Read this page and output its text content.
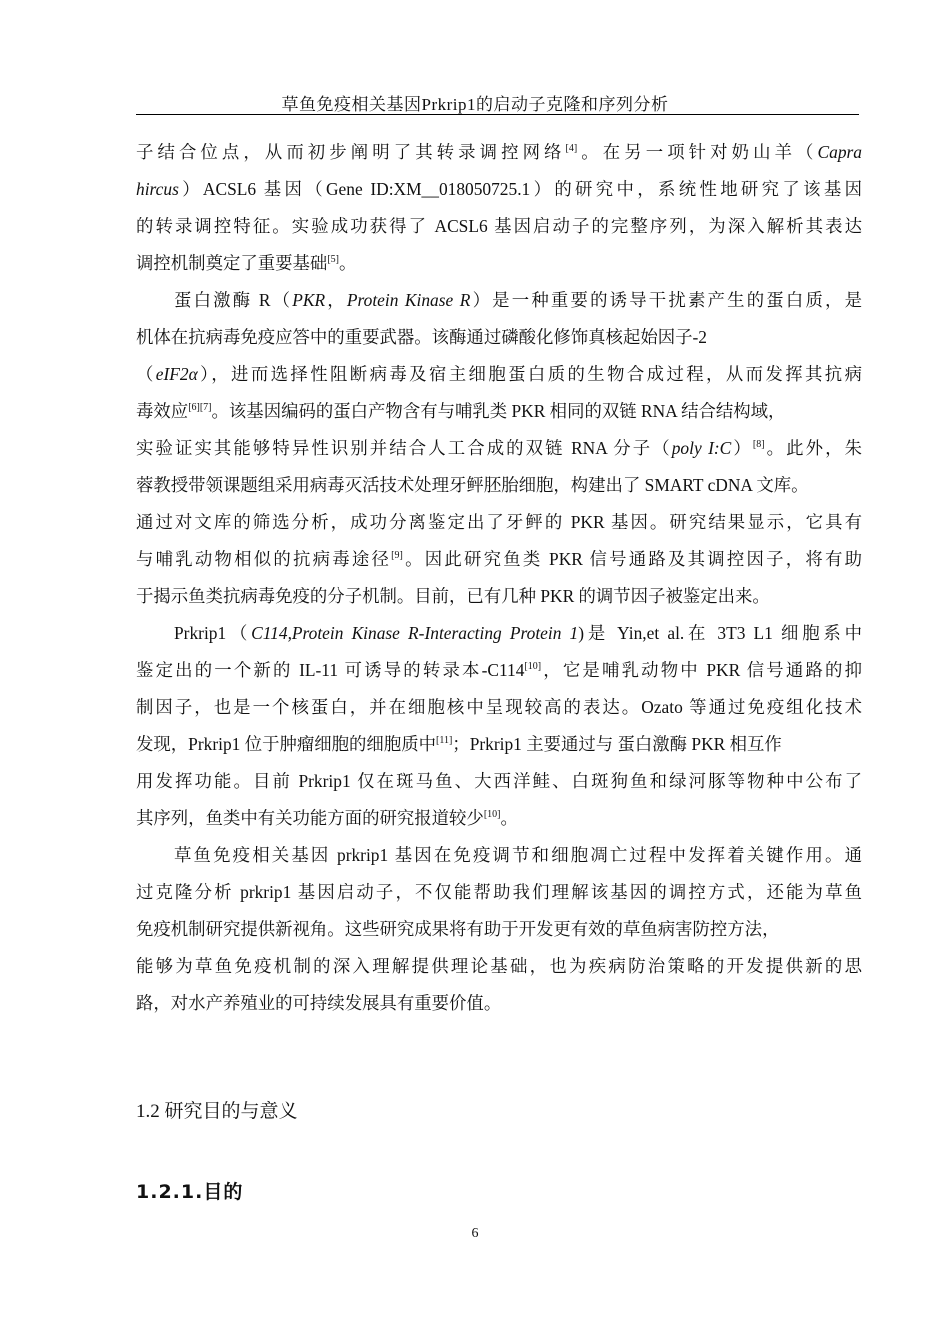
草鱼免疫相关基因Prkrip1的启动子克隆和序列分析
子结合位点，从而初步阐明了其转录调控网络[4]。在另一项针对奶山羊（Capra
hircus）ACSL6 基因（Gene ID:XM__018050725.1）的研究中，系统性地研究了该基因
的转录调控特征。实验成功获得了 ACSL6 基因启动子的完整序列，为深入解析其表达
调控机制奠定了重要基础[5]。
蛋白激酶 R（PKR，Protein Kinase R）是一种重要的诱导干扰素产生的蛋白质，是
机体在抗病毒免疫应答中的重要武器。该酶通过磷酸化修饰真核起始因子-2
（eIF2α），进而选择性阻断病毒及宿主细胞蛋白质的生物合成过程，从而发挥其抗病
毒效应[6][7]。该基因编码的蛋白产物含有与哺乳类 PKR 相同的双链 RNA 结合结构域，
实验证实其能够特异性识别并结合人工合成的双链 RNA 分子（poly I:C）[8]。此外，朱
蓉教授带领课题组采用病毒灭活技术处理牙鲆胚胎细胞，构建出了 SMART cDNA 文库。
通过对文库的筛选分析，成功分离鉴定出了牙鲆的 PKR 基因。研究结果显示，它具有
与哺乳动物相似的抗病毒途径[9]。因此研究鱼类 PKR 信号通路及其调控因子，将有助
于揭示鱼类抗病毒免疫的分子机制。目前，已有几种 PKR 的调节因子被鉴定出来。
Prkrip1（C114,Protein Kinase R-Interacting Protein 1)是 Yin,et al.在 3T3 L1 细胞系中
鉴定出的一个新的 IL-11 可诱导的转录本-C114[10]，它是哺乳动物中 PKR 信号通路的抑
制因子，也是一个核蛋白，并在细胞核中呈现较高的表达。Ozato 等通过免疫组化技术
发现，Prkrip1 位于肿瘤细胞的细胞质中[11]；Prkrip1 主要通过与 蛋白激酶 PKR 相互作
用发挥功能。目前 Prkrip1 仅在斑马鱼、大西洋鲑、白斑狗鱼和绿河豚等物种中公布了
其序列，鱼类中有关功能方面的研究报道较少[10]。
草鱼免疫相关基因 prkrip1 基因在免疫调节和细胞凋亡过程中发挥着关键作用。通
过克隆分析 prkrip1 基因启动子，不仅能帮助我们理解该基因的调控方式，还能为草鱼
免疫机制研究提供新视角。这些研究成果将有助于开发更有效的草鱼病害防控方法，
能够为草鱼免疫机制的深入理解提供理论基础，也为疾病防治策略的开发提供新的思
路，对水产养殖业的可持续发展具有重要价值。
1.2 研究目的与意义
1.2.1.目的
6
